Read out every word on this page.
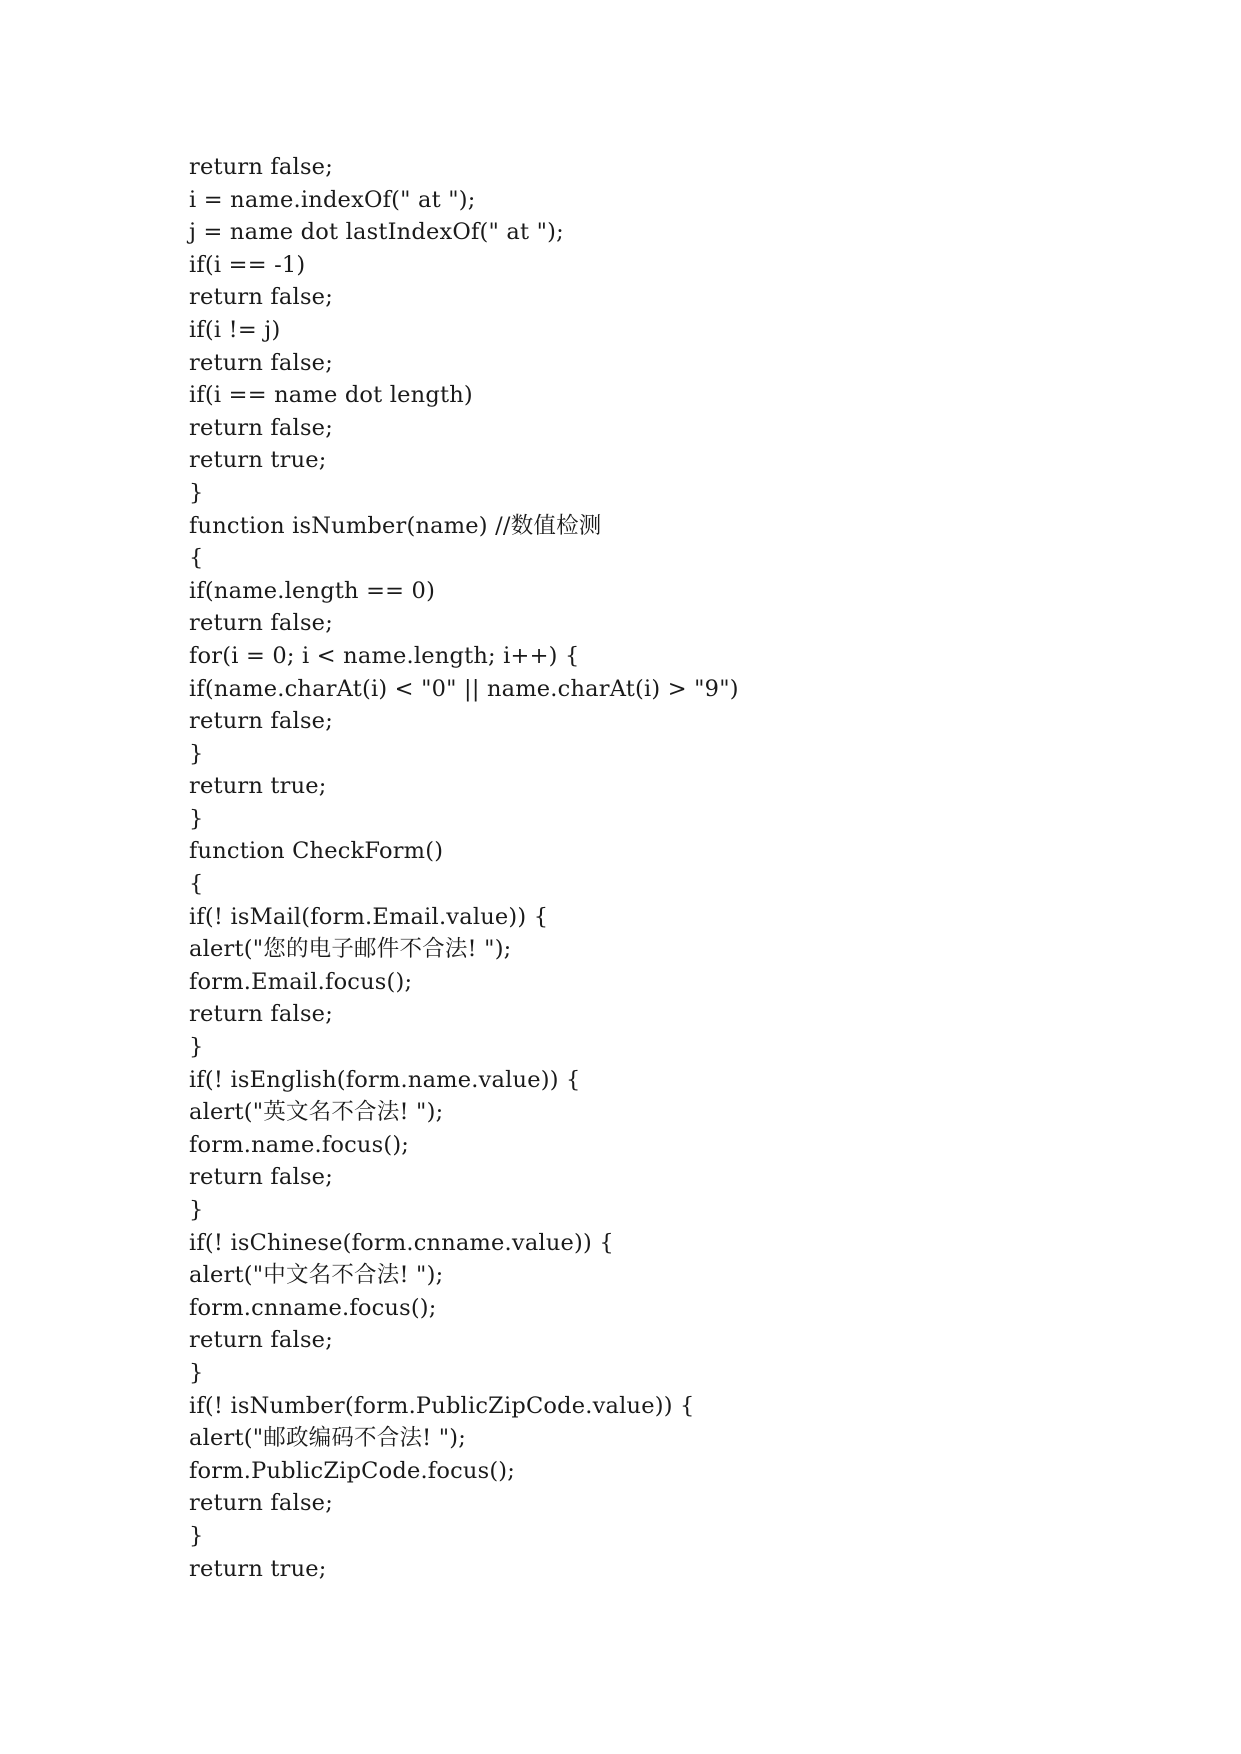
return false;
i = name.indexOf(" at ");
j = name dot lastIndexOf(" at ");
if(i == -1)
return false;
if(i != j)
return false;
if(i == name dot length)
return false;
return true;
}
function isNumber(name) //数值检测
{
if(name.length == 0)
return false;
for(i = 0; i < name.length; i++) {
if(name.charAt(i) < "0" || name.charAt(i) > "9")
return false;
}
return true;
}
function CheckForm()
{
if(! isMail(form.Email.value)) {
alert("您的电子邮件不合法! ");
form.Email.focus();
return false;
}
if(! isEnglish(form.name.value)) {
alert("英文名不合法! ");
form.name.focus();
return false;
}
if(! isChinese(form.cnname.value)) {
alert("中文名不合法! ");
form.cnname.focus();
return false;
}
if(! isNumber(form.PublicZipCode.value)) {
alert("邮政编码不合法! ");
form.PublicZipCode.focus();
return false;
}
return true;
